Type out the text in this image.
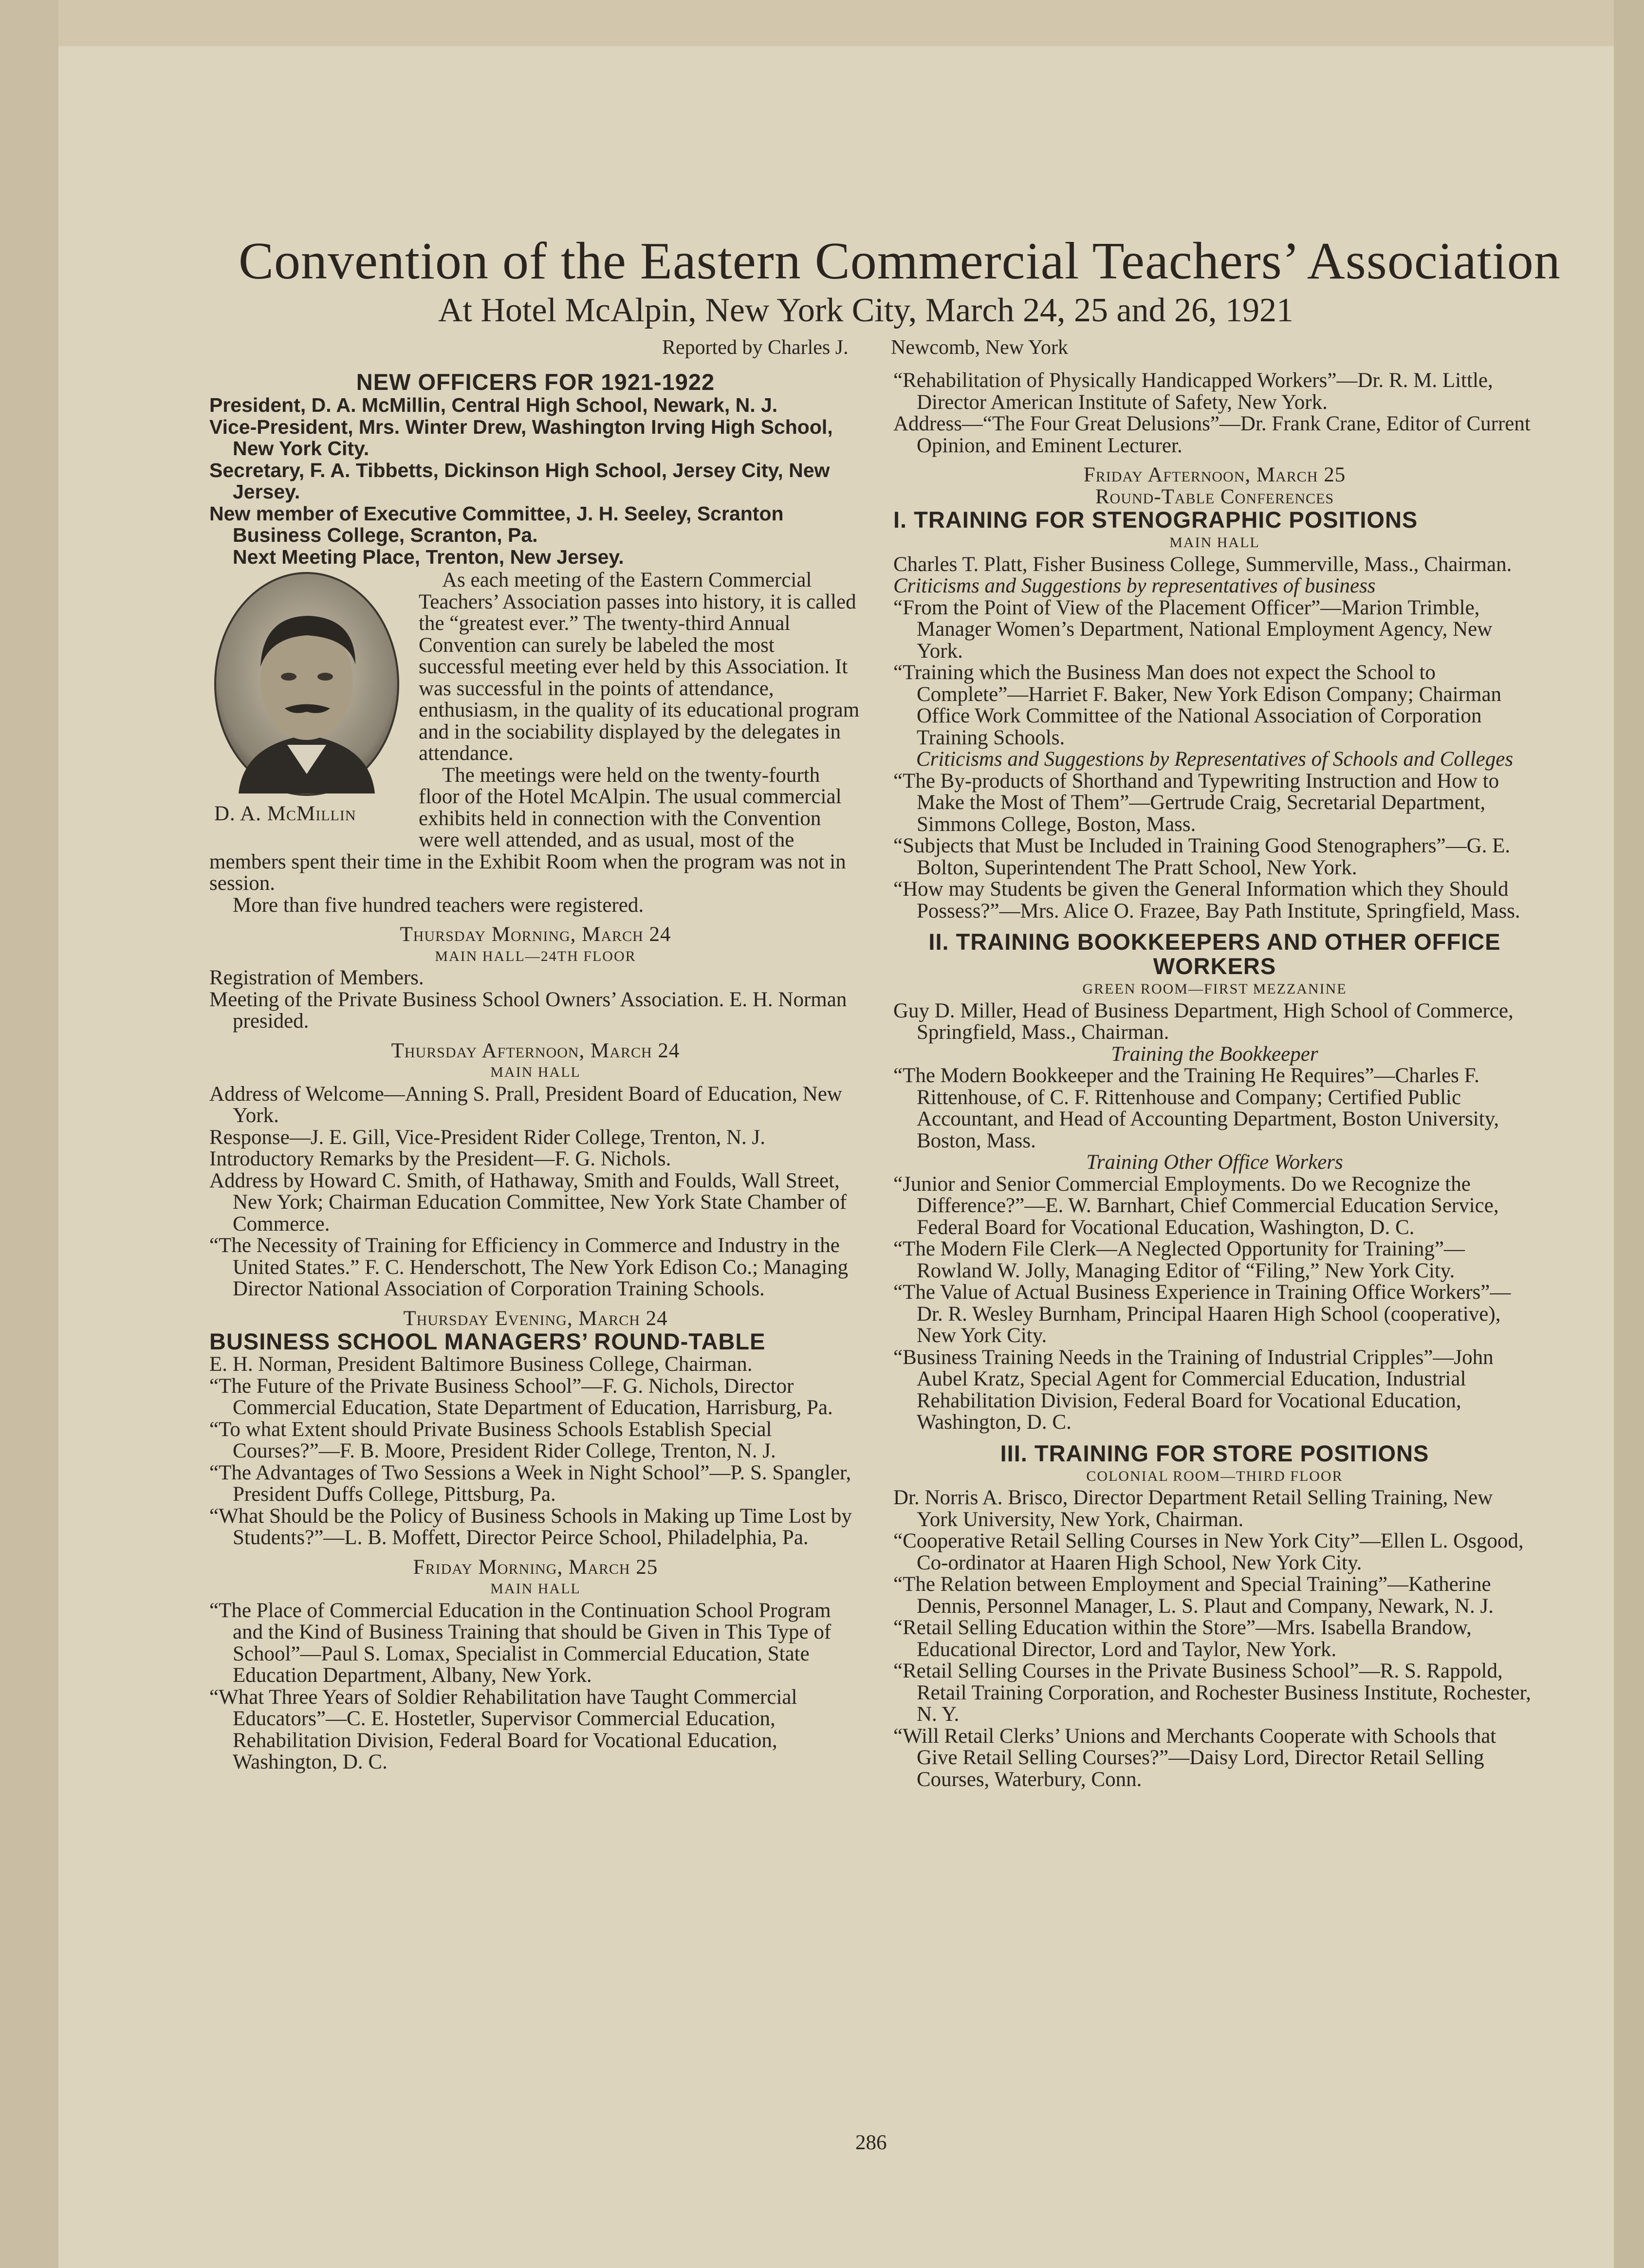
Convention of the Eastern Commercial Teachers’ Association
At Hotel McAlpin, New York City, March 24, 25 and 26, 1921
Reported by Charles J. Newcomb, New York

NEW OFFICERS FOR 1921-1922

President, D. A. McMillin, Central High School, Newark, N. J.

Vice-President, Mrs. Winter Drew, Washington Irving High School, New York City.

Secretary, F. A. Tibbetts, Dickinson High School, Jersey City, New Jersey.

New member of Executive Committee, J. H. Seeley, Scranton Business College, Scranton, Pa.

Next Meeting Place, Trenton, New Jersey.

D. A. McMillin

As each meeting of the Eastern Commercial Teachers’ Association passes into history, it is called the “greatest ever.” The twenty-third Annual Convention can surely be labeled the most successful meeting ever held by this Association. It was successful in the points of attendance, enthusiasm, in the quality of its educational program and in the sociability displayed by the delegates in attendance.

The meetings were held on the twenty-fourth floor of the Hotel McAlpin. The usual commercial exhibits held in connection with the Convention were well attended, and as usual, most of the members spent their time in the Exhibit Room when the program was not in session.

More than five hundred teachers were registered.

Thursday Morning, March 24

MAIN HALL—24TH FLOOR

Registration of Members.

Meeting of the Private Business School Owners’ Association. E. H. Norman presided.

Thursday Afternoon, March 24

MAIN HALL

Address of Welcome—Anning S. Prall, President Board of Education, New York.

Response—J. E. Gill, Vice-President Rider College, Trenton, N. J.

Introductory Remarks by the President—F. G. Nichols.

Address by Howard C. Smith, of Hathaway, Smith and Foulds, Wall Street, New York; Chairman Education Committee, New York State Chamber of Commerce.

“The Necessity of Training for Efficiency in Commerce and Industry in the United States.” F. C. Henderschott, The New York Edison Co.; Managing Director National Association of Corporation Training Schools.

Thursday Evening, March 24

BUSINESS SCHOOL MANAGERS’ ROUND-TABLE

E. H. Norman, President Baltimore Business College, Chairman.

“The Future of the Private Business School”—F. G. Nichols, Director Commercial Education, State Department of Education, Harrisburg, Pa.

“To what Extent should Private Business Schools Establish Special Courses?”—F. B. Moore, President Rider College, Trenton, N. J.

“The Advantages of Two Sessions a Week in Night School”—P. S. Spangler, President Duffs College, Pittsburg, Pa.

“What Should be the Policy of Business Schools in Making up Time Lost by Students?”—L. B. Moffett, Director Peirce School, Philadelphia, Pa.

Friday Morning, March 25

MAIN HALL

“The Place of Commercial Education in the Continuation School Program and the Kind of Business Training that should be Given in This Type of School”—Paul S. Lomax, Specialist in Commercial Education, State Education Department, Albany, New York.

“What Three Years of Soldier Rehabilitation have Taught Commercial Educators”—C. E. Hostetler, Supervisor Commercial Education, Rehabilitation Division, Federal Board for Vocational Education, Washington, D. C.

“Rehabilitation of Physically Handicapped Workers”—Dr. R. M. Little, Director American Institute of Safety, New York.

Address—“The Four Great Delusions”—Dr. Frank Crane, Editor of Current Opinion, and Eminent Lecturer.

Friday Afternoon, March 25

Round-Table Conferences

I. TRAINING FOR STENOGRAPHIC POSITIONS

MAIN HALL

Charles T. Platt, Fisher Business College, Summerville, Mass., Chairman.

Criticisms and Suggestions by representatives of business

“From the Point of View of the Placement Officer”—Marion Trimble, Manager Women’s Department, National Employment Agency, New York.

“Training which the Business Man does not expect the School to Complete”—Harriet F. Baker, New York Edison Company; Chairman Office Work Committee of the National Association of Corporation Training Schools.

Criticisms and Suggestions by Representatives of Schools and Colleges

“The By-products of Shorthand and Typewriting Instruction and How to Make the Most of Them”—Gertrude Craig, Secretarial Department, Simmons College, Boston, Mass.

“Subjects that Must be Included in Training Good Stenographers”—G. E. Bolton, Superintendent The Pratt School, New York.

“How may Students be given the General Information which they Should Possess?”—Mrs. Alice O. Frazee, Bay Path Institute, Springfield, Mass.

II. TRAINING BOOKKEEPERS AND OTHER OFFICE WORKERS

GREEN ROOM—FIRST MEZZANINE

Guy D. Miller, Head of Business Department, High School of Commerce, Springfield, Mass., Chairman.

Training the Bookkeeper

“The Modern Bookkeeper and the Training He Requires”—Charles F. Rittenhouse, of C. F. Rittenhouse and Company; Certified Public Accountant, and Head of Accounting Department, Boston University, Boston, Mass.

Training Other Office Workers

“Junior and Senior Commercial Employments. Do we Recognize the Difference?”—E. W. Barnhart, Chief Commercial Education Service, Federal Board for Vocational Education, Washington, D. C.

“The Modern File Clerk—A Neglected Opportunity for Training”—Rowland W. Jolly, Managing Editor of “Filing,” New York City.

“The Value of Actual Business Experience in Training Office Workers”—Dr. R. Wesley Burnham, Principal Haaren High School (cooperative), New York City.

“Business Training Needs in the Training of Industrial Cripples”—John Aubel Kratz, Special Agent for Commercial Education, Industrial Rehabilitation Division, Federal Board for Vocational Education, Washington, D. C.

III. TRAINING FOR STORE POSITIONS

COLONIAL ROOM—THIRD FLOOR

Dr. Norris A. Brisco, Director Department Retail Selling Training, New York University, New York, Chairman.

“Cooperative Retail Selling Courses in New York City”—Ellen L. Osgood, Co-ordinator at Haaren High School, New York City.

“The Relation between Employment and Special Training”—Katherine Dennis, Personnel Manager, L. S. Plaut and Company, Newark, N. J.

“Retail Selling Education within the Store”—Mrs. Isabella Brandow, Educational Director, Lord and Taylor, New York.

“Retail Selling Courses in the Private Business School”—R. S. Rappold, Retail Training Corporation, and Rochester Business Institute, Rochester, N. Y.

“Will Retail Clerks’ Unions and Merchants Cooperate with Schools that Give Retail Selling Courses?”—Daisy Lord, Director Retail Selling Courses, Waterbury, Conn.

286
